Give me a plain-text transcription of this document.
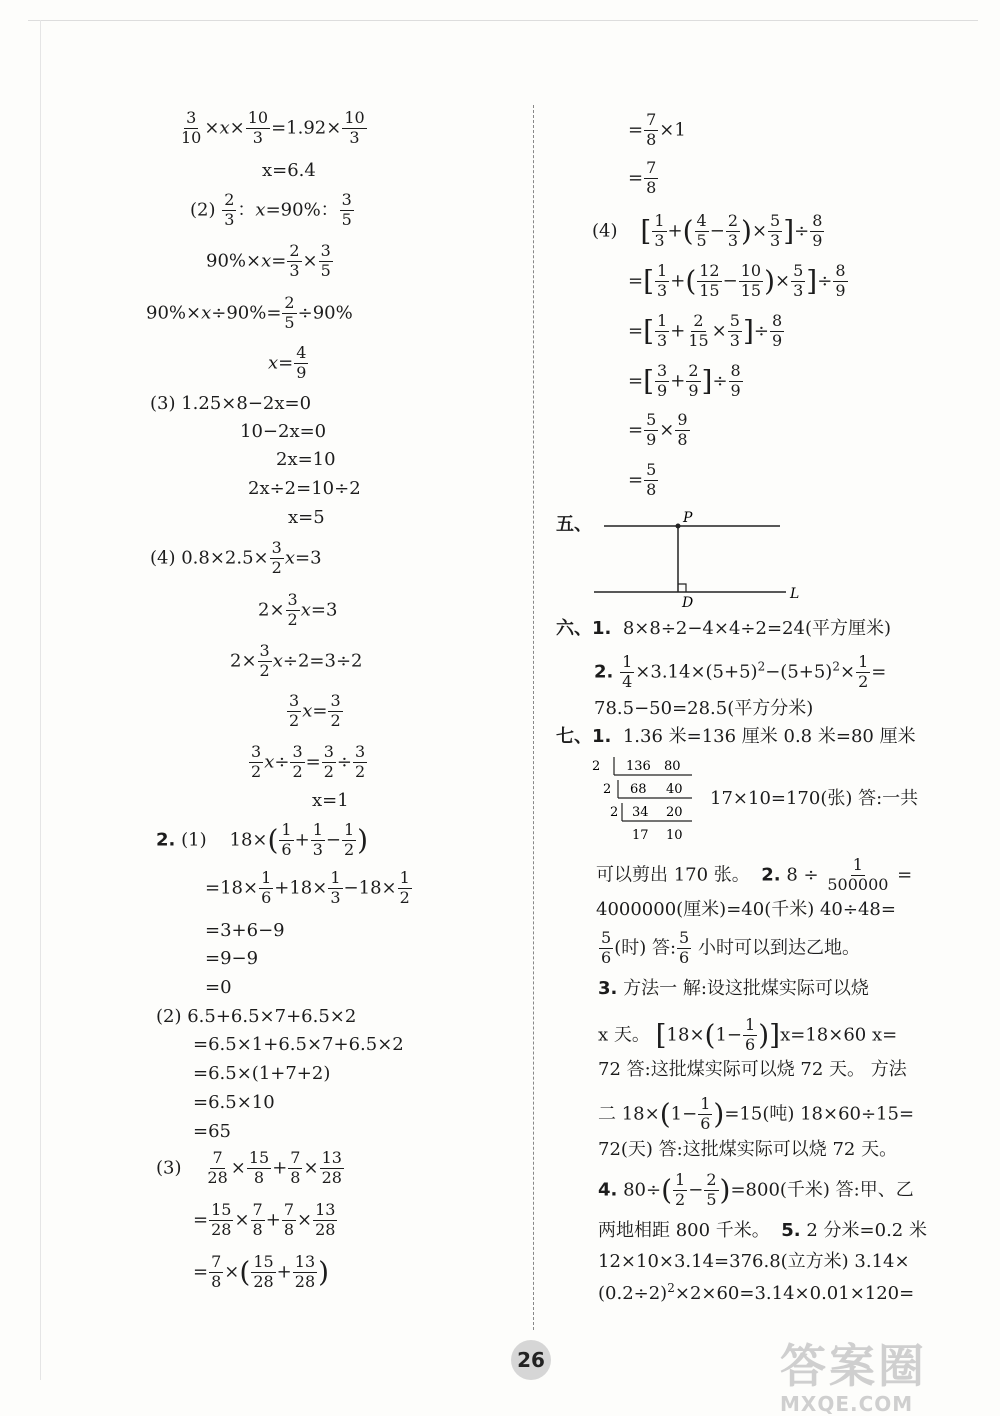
$\frac{3}{10} \times x\times \frac{10}{3} =1.92\times \frac{10}{3}$
x=6.4
$(2) \frac{2}{3}$ ：x=90%： $\frac{3}{5}$
$90\%\times x= \frac{2}{3} \times \frac{3}{5}$
$90\%\times x\div 90\%= \frac{2}{5} \div 90\%$
$x= \frac{4}{9}$
(3) 1.25×8−2x=0
10−2x=0
2x=10
2x÷2=10÷2
x=5
(4) $0.8\times 2.5\times \frac{3}{2} x=3$
$2\times \frac{3}{2} x=3$
$2\times \frac{3}{2} x\div 2=3\div 2$
$\frac{3}{2} x= \frac{3}{2}$
$\frac{3}{2} x\div \frac{3}{2} = \frac{3}{2} \div \frac{3}{2}$
x=1
2. (1)    $18\times( \frac{1}{6} + \frac{1}{3} - \frac{1}{2}$ )
$=18\times \frac{1}{6} +18\times \frac{1}{3} -18\times \frac{1}{2}$
=3+6−9
=9−9
=0
(2) 6.5+6.5×7+6.5×2
=6.5×1+6.5×7+6.5×2
=6.5×(1+7+2)
=6.5×10
=65
$(3) \frac{7}{28} \times \frac{15}{8} + \frac{7}{8} \times \frac{13}{28}$
= $\frac{15}{28} \times \frac{7}{8} + \frac{7}{8} \times \frac{13}{28}$
= $\frac{7}{8}$ ×( $\frac{15}{28} + \frac{13}{28}$ )
= $\frac{7}{8} \times 1$
= $\frac{7}{8}$
(4) [ $\frac{1}{3}$ +( $\frac{4}{5} - \frac{2}{3}$ )× $\frac{5}{3}$ ]÷ $\frac{8}{9}$
=[ $\frac{1}{3}$ +( $\frac{12}{15} - \frac{10}{15}$ )× $\frac{5}{3}$ ]÷ $\frac{8}{9}$
=[ $\frac{1}{3} + \frac{2}{15} \times \frac{5}{3}$ ]÷ $\frac{8}{9}$
=[ $\frac{3}{9} + \frac{2}{9}$ ]÷ $\frac{8}{9}$
= $\frac{5}{9} \times \frac{9}{8}$
= $\frac{5}{8}$
五、	P
D
L
六、1. 8×8÷2−4×4÷2=24(平方厘米)
2. $\frac{1}{4} \times 3.14\times(5+5)^2-(5+5)^2\times \frac{1}{2}$ =
78.5−50=28.5(平方分米)
七、1. 1.36 米=136 厘米 0.8 米=80 厘米
2
2
2
136 80
68 40
34 20
17 10
17×10=170(张) 答:一共
可以剪出 170 张。 2. $8 \div \frac{1}{500000}$ =
4000000(厘米)=40(千米) 40÷48=
$\frac{5}{6}$ (时) 答: $\frac{5}{6}$ 小时可以到达乙地。
3. 方法一 解:设这批煤实际可以烧
x 天。 $[18\times(1- \frac{1}{6} )]x=18\times 60$ x=
72 答:这批煤实际可以烧 72 天。 方法
二 $18\times(1- \frac{1}{6} )=15$(吨) 18×60÷15=
72(天) 答:这批煤实际可以烧 72 天。
4. $80\div( \frac{1}{2} - \frac{2}{5} )=800$(千米) 答:甲、乙
两地相距 800 千米。 5. 2 分米=0.2 米
12×10×3.14=376.8(立方米) 3.14×
$(0.2\div 2)^2\times 2\times 60=3.14\times 0.01\times 120=$
26	答案圈
MXQE.COM
